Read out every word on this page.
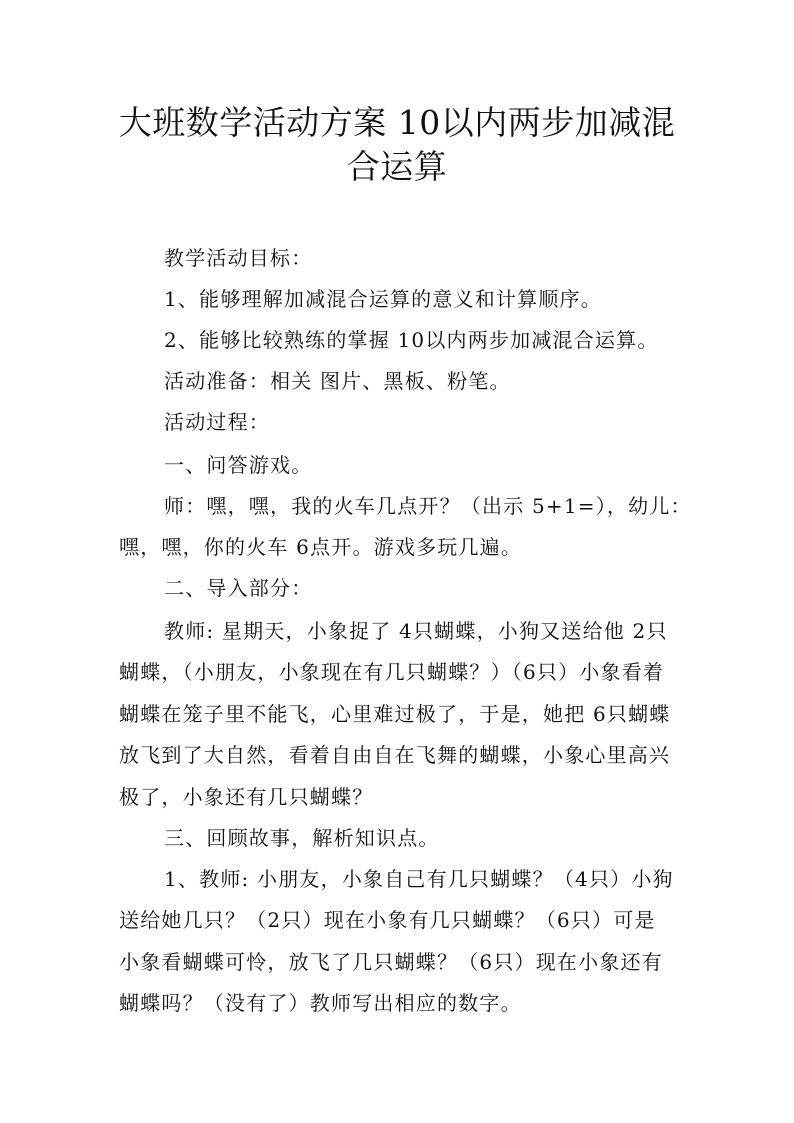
大班数学活动方案 10以内两步加减混
合运算
教学活动目标：
1、能够理解加减混合运算的意义和计算顺序。
2、能够比较熟练的掌握 10以内两步加减混合运算。
活动准备：相关 图片、黑板、粉笔。
活动过程：
一、问答游戏。
师：嘿，嘿，我的火车几点开？（出示 5+1=），幼儿：
嘿，嘿，你的火车 6点开。游戏多玩几遍。
二、导入部分：
教师: 星期天，小象捉了 4只蝴蝶，小狗又送给他 2只
蝴蝶，（小朋友，小象现在有几只蝴蝶？）（6只）小象看着
蝴蝶在笼子里不能飞，心里难过极了，于是，她把 6只蝴蝶
放飞到了大自然，看着自由自在飞舞的蝴蝶，小象心里高兴
极了，小象还有几只蝴蝶？
三、回顾故事，解析知识点。
1、教师: 小朋友，小象自己有几只蝴蝶？（4只）小狗
送给她几只？（2只）现在小象有几只蝴蝶？（6只）可是
小象看蝴蝶可怜，放飞了几只蝴蝶？（6只）现在小象还有
蝴蝶吗？（没有了）教师写出相应的数字。
